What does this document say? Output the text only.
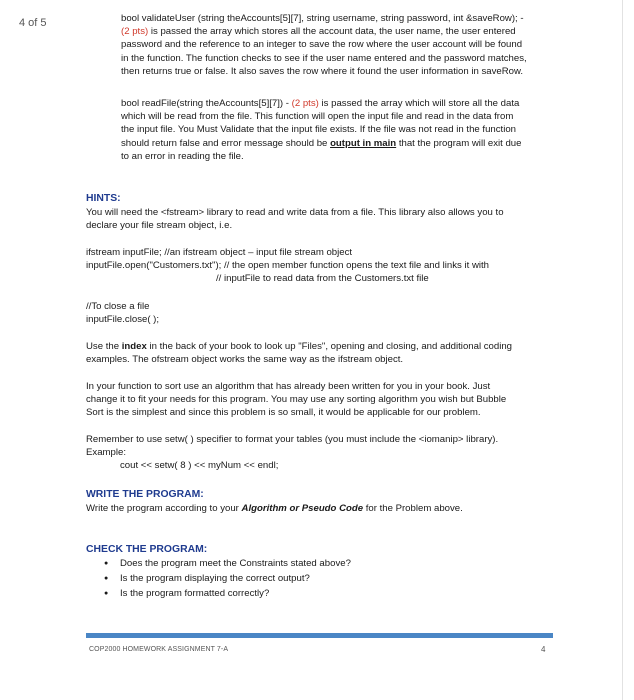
4 of 5	bool validateUser (string theAccounts[5][7], string username, string password, int &saveRow); -
(2 pts) is passed the array which stores all the account data, the user name, the user entered
password and the reference to an integer to save the row where the user account will be found
in the function. The function checks to see if the user name entered and the password matches,
then returns true or false. It also saves the row where it found the user information in saveRow.
bool readFile(string theAccounts[5][7]) - (2 pts) is passed the array which will store all the data
which will be read from the file. This function will open the input file and read in the data from
the input file. You Must Validate that the input file exists. If the file was not read in the function
should return false and error message should be output in main that the program will exit due
to an error in reading the file.
HINTS:
You will need the <fstream> library to read and write data from a file. This library also allows you to
declare your file stream object, i.e.
ifstream inputFile; //an ifstream object – input file stream object
inputFile.open("Customers.txt"); // the open member function opens the text file and links it with
// inputFile to read data from the Customers.txt file
//To close a file
inputFile.close( );
Use the index in the back of your book to look up "Files", opening and closing, and additional coding
examples. The ofstream object works the same way as the ifstream object.
In your function to sort use an algorithm that has already been written for you in your book. Just
change it to fit your needs for this program. You may use any sorting algorithm you wish but Bubble
Sort is the simplest and since this problem is so small, it would be applicable for our problem.
Remember to use setw( ) specifier to format your tables (you must include the <iomanip> library).
Example:
cout << setw( 8 ) << myNum << endl;
WRITE THE PROGRAM:
Write the program according to your Algorithm or Pseudo Code for the Problem above.
CHECK THE PROGRAM:
● Does the program meet the Constraints stated above?
● Is the program displaying the correct output?
● Is the program formatted correctly?
COP2000 HOMEWORK ASSIGNMENT 7-A	4
